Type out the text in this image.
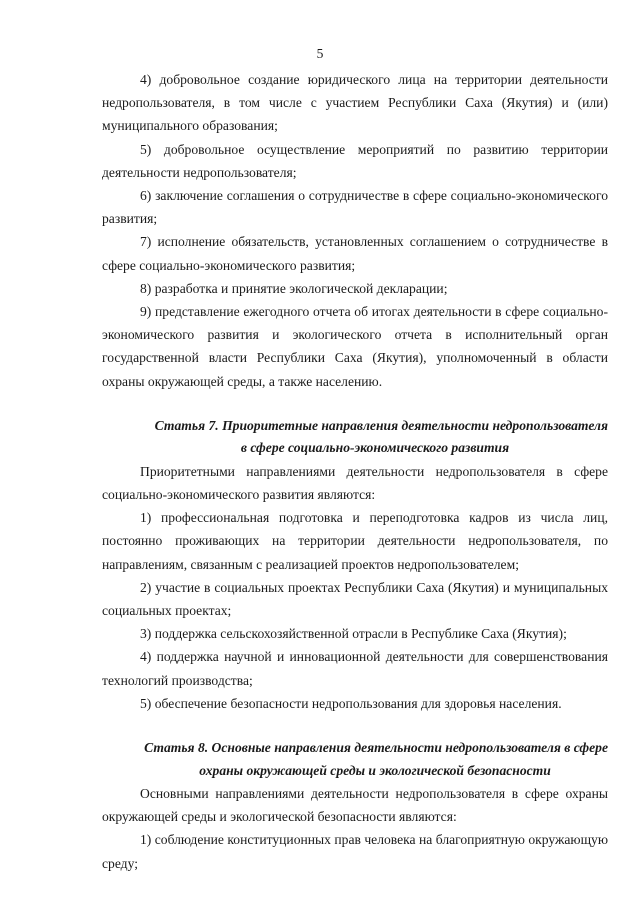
5

4) добровольное создание юридического лица на территории деятельности недропользователя, в том числе с участием Республики Саха (Якутия) и (или) муниципального образования;

5) добровольное осуществление мероприятий по развитию территории деятельности недропользователя;

6) заключение соглашения о сотрудничестве в сфере социально-экономического развития;

7) исполнение обязательств, установленных соглашением о сотрудничестве в сфере социально-экономического развития;

8) разработка и принятие экологической декларации;

9) представление ежегодного отчета об итогах деятельности в сфере социально-экономического развития и экологического отчета в исполнительный орган государственной власти Республики Саха (Якутия), уполномоченный в области охраны окружающей среды, а также населению.

Статья 7. Приоритетные направления деятельности недропользователя
в сфере социально-экономического развития

Приоритетными направлениями деятельности недропользователя в сфере социально-экономического развития являются:

1) профессиональная подготовка и переподготовка кадров из числа лиц, постоянно проживающих на территории деятельности недропользователя, по направлениям, связанным с реализацией проектов недропользователем;

2) участие в социальных проектах Республики Саха (Якутия) и муниципальных социальных проектах;

3) поддержка сельскохозяйственной отрасли в Республике Саха (Якутия);

4) поддержка научной и инновационной деятельности для совершенствования технологий производства;

5) обеспечение безопасности недропользования для здоровья населения.

Статья 8. Основные направления деятельности недропользователя в сфере
охраны окружающей среды и экологической безопасности

Основными направлениями деятельности недропользователя в сфере охраны окружающей среды и экологической безопасности являются:

1) соблюдение конституционных прав человека на благоприятную окружающую среду;
